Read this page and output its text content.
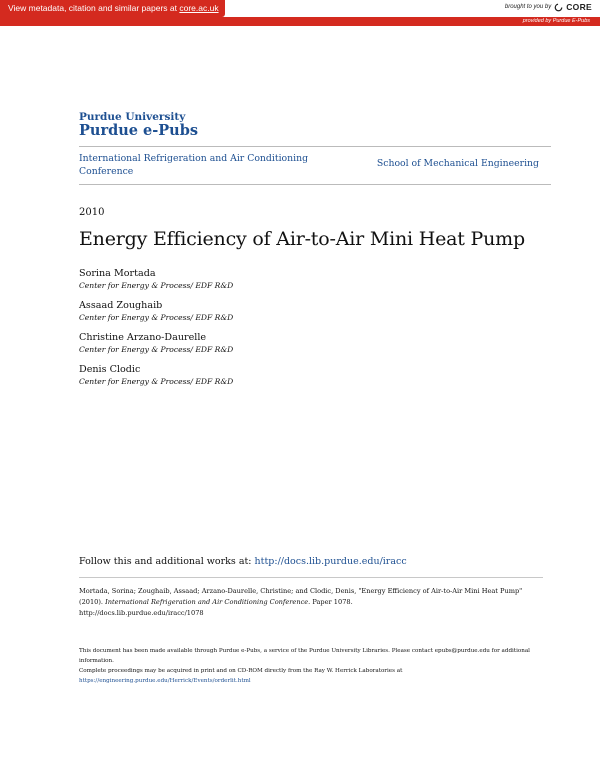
View metadata, citation and similar papers at core.ac.uk	brought to you by CORE
provided by Purdue E-Pubs
Purdue University
Purdue e-Pubs
International Refrigeration and Air Conditioning Conference
School of Mechanical Engineering
2010
Energy Efficiency of Air-to-Air Mini Heat Pump
Sorina Mortada
Center for Energy & Process/ EDF R&D
Assaad Zoughaib
Center for Energy & Process/ EDF R&D
Christine Arzano-Daurelle
Center for Energy & Process/ EDF R&D
Denis Clodic
Center for Energy & Process/ EDF R&D
Follow this and additional works at: http://docs.lib.purdue.edu/iracc
Mortada, Sorina; Zoughaib, Assaad; Arzano-Daurelle, Christine; and Clodic, Denis, "Energy Efficiency of Air-to-Air Mini Heat Pump" (2010). International Refrigeration and Air Conditioning Conference. Paper 1078.
http://docs.lib.purdue.edu/iracc/1078

This document has been made available through Purdue e-Pubs, a service of the Purdue University Libraries. Please contact epubs@purdue.edu for additional information.

Complete proceedings may be acquired in print and on CD-ROM directly from the Ray W. Herrick Laboratories at https://engineering.purdue.edu/Herrick/Events/orderlit.html
